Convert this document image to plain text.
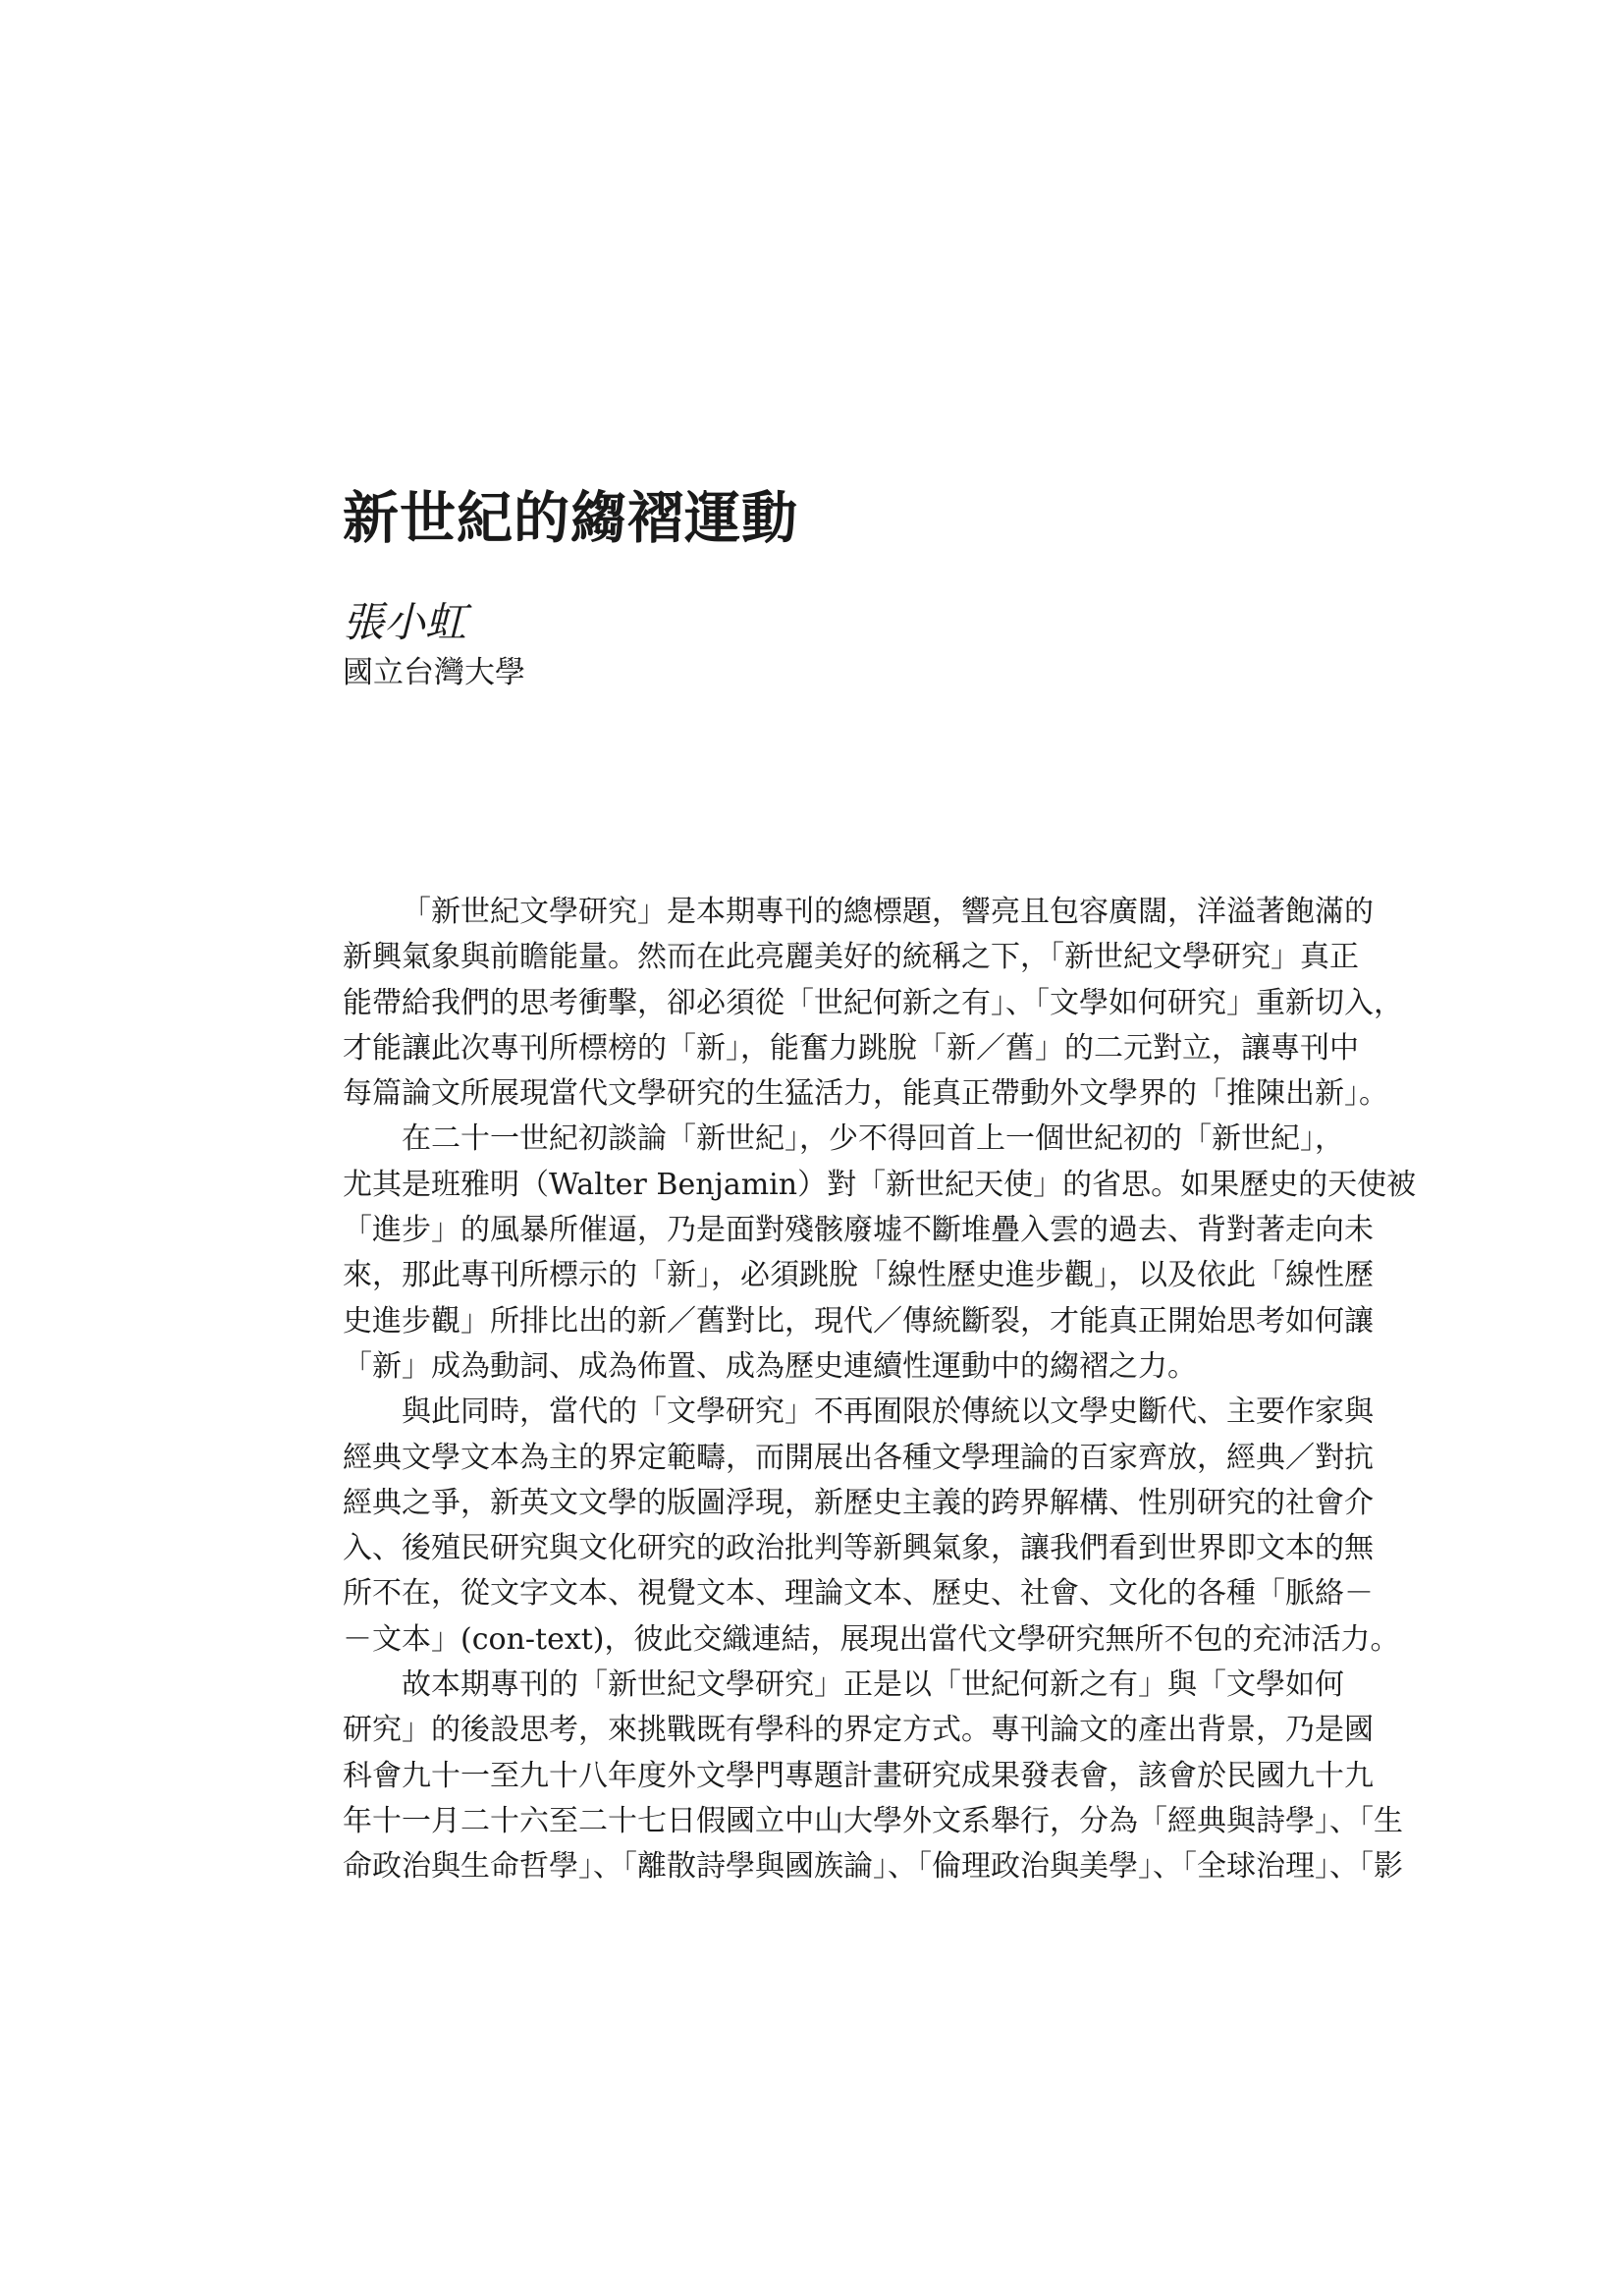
新世紀的縐褶運動
張小虹
國立台灣大學
「新世紀文學研究」是本期專刊的總標題，響亮且包容廣闊，洋溢著飽滿的
新興氣象與前瞻能量。然而在此亮麗美好的統稱之下，「新世紀文學研究」真正
能帶給我們的思考衝擊，卻必須從「世紀何新之有」、「文學如何研究」重新切入，
才能讓此次專刊所標榜的「新」，能奮力跳脫「新／舊」的二元對立，讓專刊中
每篇論文所展現當代文學研究的生猛活力，能真正帶動外文學界的「推陳出新」。
在二十一世紀初談論「新世紀」，少不得回首上一個世紀初的「新世紀」，
尤其是班雅明（Walter Benjamin）對「新世紀天使」的省思。如果歷史的天使被
「進步」的風暴所催逼，乃是面對殘骸廢墟不斷堆疊入雲的過去、背對著走向未
來，那此專刊所標示的「新」，必須跳脫「線性歷史進步觀」，以及依此「線性歷
史進步觀」所排比出的新／舊對比，現代／傳統斷裂，才能真正開始思考如何讓
「新」成為動詞、成為佈置、成為歷史連續性運動中的縐褶之力。
與此同時，當代的「文學研究」不再囿限於傳統以文學史斷代、主要作家與
經典文學文本為主的界定範疇，而開展出各種文學理論的百家齊放，經典／對抗
經典之爭，新英文文學的版圖浮現，新歷史主義的跨界解構、性別研究的社會介
入、後殖民研究與文化研究的政治批判等新興氣象，讓我們看到世界即文本的無
所不在，從文字文本、視覺文本、理論文本、歷史、社會、文化的各種「脈絡－
－文本」(con-text)，彼此交織連結，展現出當代文學研究無所不包的充沛活力。
故本期專刊的「新世紀文學研究」正是以「世紀何新之有」與「文學如何
研究」的後設思考，來挑戰既有學科的界定方式。專刊論文的產出背景，乃是國
科會九十一至九十八年度外文學門專題計畫研究成果發表會，該會於民國九十九
年十一月二十六至二十七日假國立中山大學外文系舉行，分為「經典與詩學」、「生
命政治與生命哲學」、「離散詩學與國族論」、「倫理政治與美學」、「全球治理」、「影
